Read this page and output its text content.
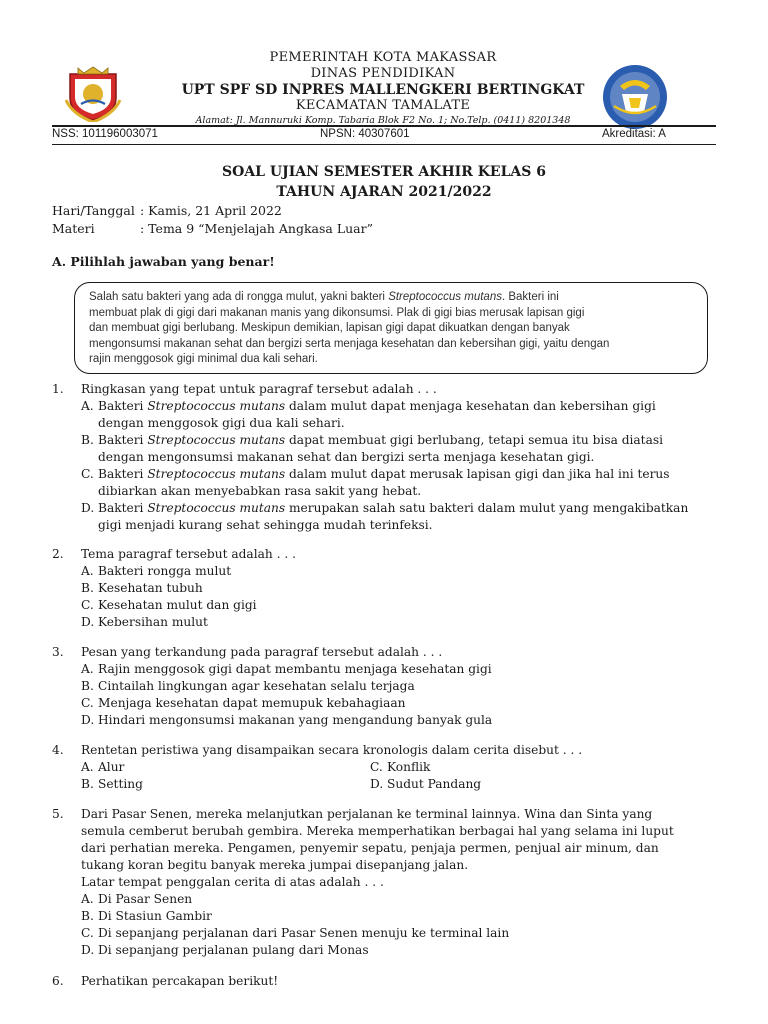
PEMERINTAH KOTA MAKASSAR
DINAS PENDIDIKAN
UPT SPF SD INPRES MALLENGKERI BERTINGKAT
KECAMATAN TAMALATE
Alamat: Jl. Mannuruki Komp. Tabaria Blok F2 No. 1; No.Telp. (0411) 8201348
NSS: 101196003071	NPSN: 40307601	Akreditasi: A
SOAL UJIAN SEMESTER AKHIR KELAS 6
TAHUN AJARAN 2021/2022
Hari/Tanggal : Kamis, 21 April 2022
Materi	: Tema 9 “Menjelajah Angkasa Luar”
A. Pilihlah jawaban yang benar!
Salah satu bakteri yang ada di rongga mulut, yakni bakteri Streptococcus mutans. Bakteri ini
membuat plak di gigi dari makanan manis yang dikonsumsi. Plak di gigi bias merusak lapisan gigi
dan membuat gigi berlubang. Meskipun demikian, lapisan gigi dapat dikuatkan dengan banyak
mengonsumsi makanan sehat dan bergizi serta menjaga kesehatan dan kebersihan gigi, yaitu dengan
rajin menggosok gigi minimal dua kali sehari.
1. Ringkasan yang tepat untuk paragraf tersebut adalah . . .
A. Bakteri Streptococcus mutans dalam mulut dapat menjaga kesehatan dan kebersihan gigi
dengan menggosok gigi dua kali sehari.
B. Bakteri Streptococcus mutans dapat membuat gigi berlubang, tetapi semua itu bisa diatasi
dengan mengonsumsi makanan sehat dan bergizi serta menjaga kesehatan gigi.
C. Bakteri Streptococcus mutans dalam mulut dapat merusak lapisan gigi dan jika hal ini terus
dibiarkan akan menyebabkan rasa sakit yang hebat.
D. Bakteri Streptococcus mutans merupakan salah satu bakteri dalam mulut yang mengakibatkan
gigi menjadi kurang sehat sehingga mudah terinfeksi.
2. Tema paragraf tersebut adalah . . .
A. Bakteri rongga mulut
B. Kesehatan tubuh
C. Kesehatan mulut dan gigi
D. Kebersihan mulut
3. Pesan yang terkandung pada paragraf tersebut adalah . . .
A. Rajin menggosok gigi dapat membantu menjaga kesehatan gigi
B. Cintailah lingkungan agar kesehatan selalu terjaga
C. Menjaga kesehatan dapat memupuk kebahagiaan
D. Hindari mengonsumsi makanan yang mengandung banyak gula
4. Rentetan peristiwa yang disampaikan secara kronologis dalam cerita disebut . . .
A. Alur
B. Setting
C. Konflik
D. Sudut Pandang
5. Dari Pasar Senen, mereka melanjutkan perjalanan ke terminal lainnya. Wina dan Sinta yang
semula cemberut berubah gembira. Mereka memperhatikan berbagai hal yang selama ini luput
dari perhatian mereka. Pengamen, penyemir sepatu, penjaja permen, penjual air minum, dan
tukang koran begitu banyak mereka jumpai disepanjang jalan.
Latar tempat penggalan cerita di atas adalah . . .
A. Di Pasar Senen
B. Di Stasiun Gambir
C. Di sepanjang perjalanan dari Pasar Senen menuju ke terminal lain
D. Di sepanjang perjalanan pulang dari Monas
6. Perhatikan percakapan berikut!
